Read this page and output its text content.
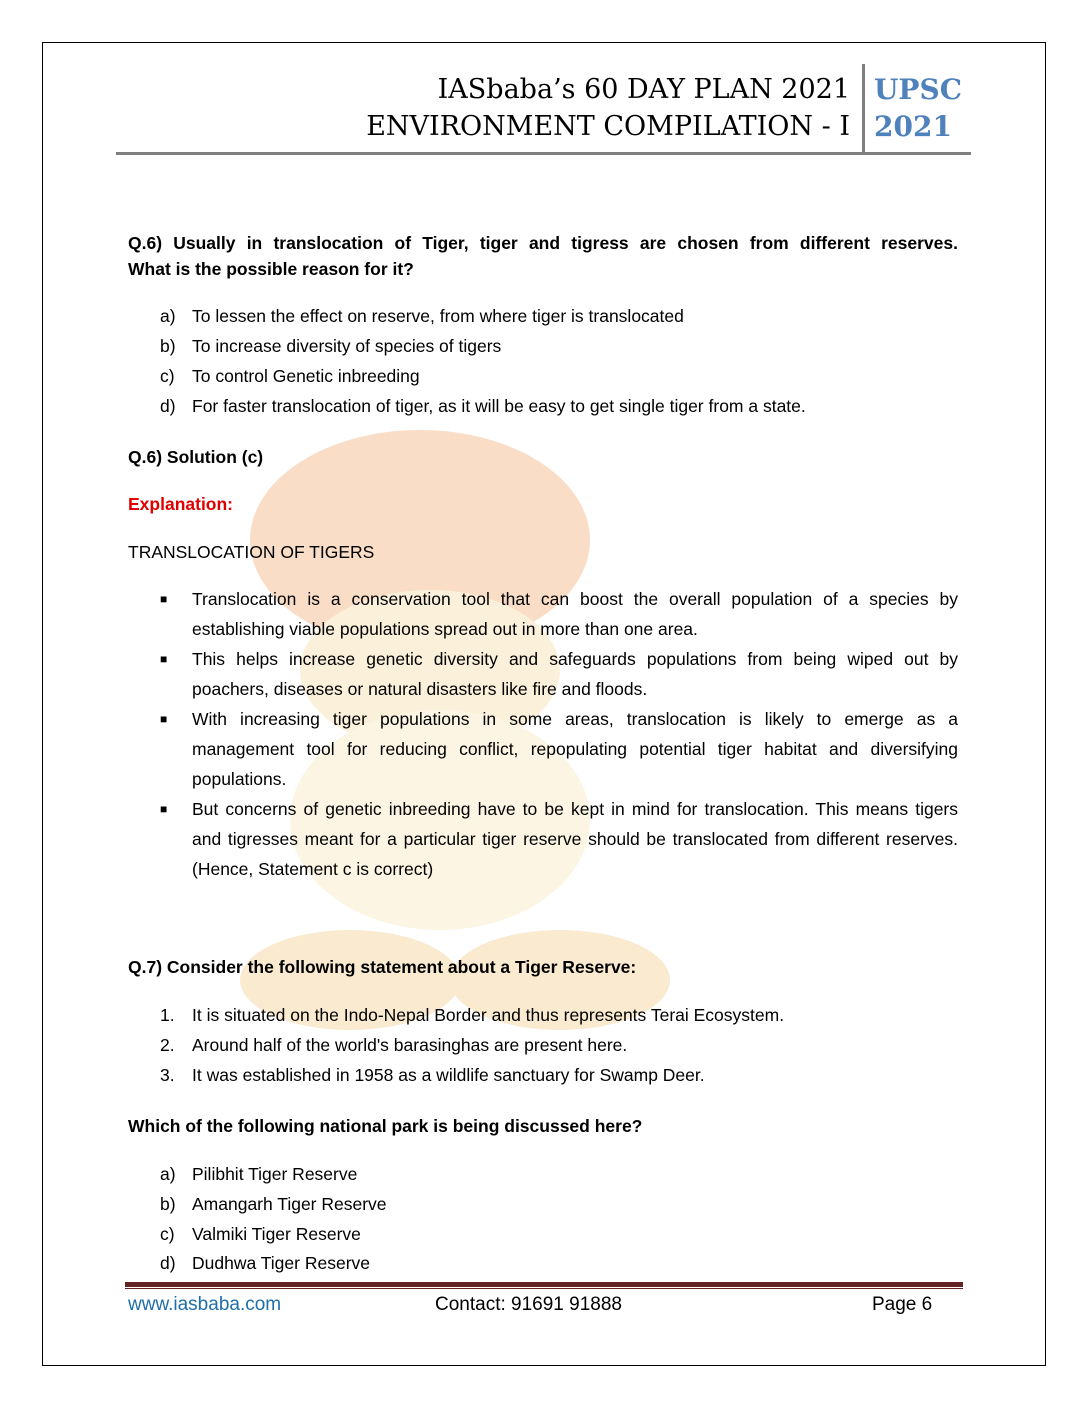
IASbaba’s 60 DAY PLAN 2021
ENVIRONMENT COMPILATION - I
UPSC
2021
Q.6) Usually in translocation of Tiger, tiger and tigress are chosen from different reserves.
What is the possible reason for it?
a) To lessen the effect on reserve, from where tiger is translocated
b) To increase diversity of species of tigers
c) To control Genetic inbreeding
d) For faster translocation of tiger, as it will be easy to get single tiger from a state.
Q.6) Solution (c)
Explanation:
TRANSLOCATION OF TIGERS
■ Translocation is a conservation tool that can boost the overall population of a species by establishing viable populations spread out in more than one area.
■ This helps increase genetic diversity and safeguards populations from being wiped out by poachers, diseases or natural disasters like fire and floods.
■ With increasing tiger populations in some areas, translocation is likely to emerge as a management tool for reducing conflict, repopulating potential tiger habitat and diversifying populations.
■ But concerns of genetic inbreeding have to be kept in mind for translocation. This means tigers and tigresses meant for a particular tiger reserve should be translocated from different reserves. (Hence, Statement c is correct)
Q.7) Consider the following statement about a Tiger Reserve:
1. It is situated on the Indo-Nepal Border and thus represents Terai Ecosystem.
2. Around half of the world's barasinghas are present here.
3. It was established in 1958 as a wildlife sanctuary for Swamp Deer.
Which of the following national park is being discussed here?
a) Pilibhit Tiger Reserve
b) Amangarh Tiger Reserve
c) Valmiki Tiger Reserve
d) Dudhwa Tiger Reserve
www.iasbaba.com	Contact: 91691 91888	Page 6
